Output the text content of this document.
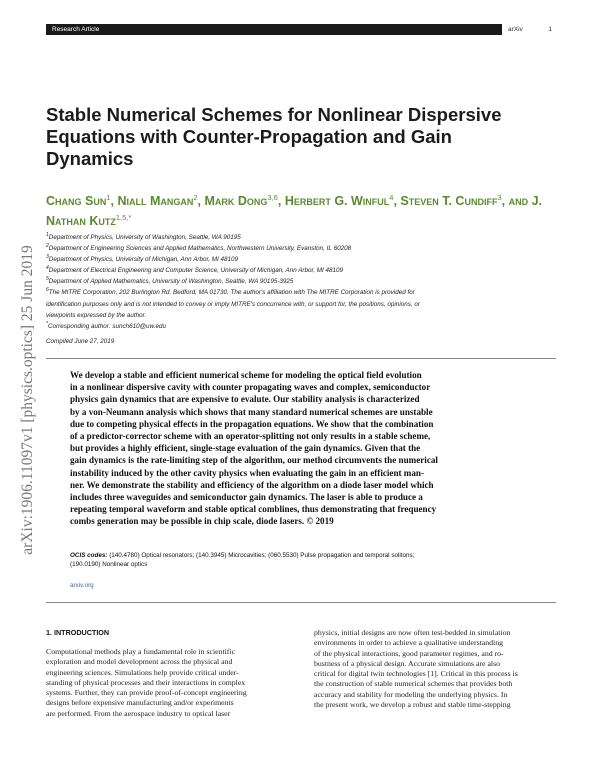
Research Article	arXiv	1
arXiv:1906.11097v1 [physics.optics] 25 Jun 2019
Stable Numerical Schemes for Nonlinear Dispersive
Equations with Counter-Propagation and Gain
Dynamics
Chang Sun$^1$, Niall Mangan$^2$, Mark Dong$^{3,6}$, Herbert G. Winful$^4$, Steven T. Cundiff$^3$, and J. Nathan Kutz$^{1,5,*}$
$^1$Department of Physics, University of Washington, Seattle, WA 90195
$^2$Department of Engineering Sciences and Applied Mathematics, Northwestern University, Evanston, IL 60208
$^3$Department of Physics, University of Michigan, Ann Arbor, MI 48109
$^4$Department of Electrical Engineering and Computer Science, University of Michigan, Ann Arbor, MI 48109
$^5$Department of Applied Mathematics, University of Washington, Seattle, WA 90195-3925
$^6$The MITRE Corporation, 202 Burlington Rd. Bedford, MA 01730. The author's affiliation with The MITRE Corporation is provided for
identification purposes only and is not intended to convey or imply MITRE's concurrence with, or support for, the positions, opinions, or
viewpoints expressed by the author.
*Corresponding author: sunch610@uw.edu
Compiled June 27, 2019
We develop a stable and efficient numerical scheme for modeling the optical field evolution
in a nonlinear dispersive cavity with counter propagating waves and complex, semiconductor
physics gain dynamics that are expensive to evalute. Our stability analysis is characterized
by a von-Neumann analysis which shows that many standard numerical schemes are unstable
due to competing physical effects in the propagation equations. We show that the combination
of a predictor-corrector scheme with an operator-splitting not only results in a stable scheme,
but provides a highly efficient, single-stage evaluation of the gain dynamics. Given that the
gain dynamics is the rate-limiting step of the algorithm, our method circumvents the numerical
instability induced by the other cavity physics when evaluating the gain in an efficient man-
ner. We demonstrate the stability and efficiency of the algorithm on a diode laser model which
includes three waveguides and semiconductor gain dynamics. The laser is able to produce a
repeating temporal waveform and stable optical comblines, thus demonstrating that frequency
combs generation may be possible in chip scale, diode lasers. © 2019
OCIS codes: (140.4780) Optical resonators; (140.3945) Microcavities; (060.5530) Pulse propagation and temporal solitons;
(190.0190) Nonlinear optics
arxiv.org
1. INTRODUCTION
Computational methods play a fundamental role in scientific
exploration and model development across the physical and
engineering sciences. Simulations help provide critical under-
standing of physical processes and their interactions in complex
systems. Further, they can provide proof-of-concept engineering
designs before expensive manufacturing and/or experiments
are performed. From the aerospace industry to optical laser
physics, initial designs are now often test-bedded in simulation
environments in order to achieve a qualitative understanding
of the physical interactions, good parameter regimes, and ro-
bustness of a physical design. Accurate simulations are also
critical for digital twin technologies [1]. Critical in this process is
the construction of stable numerical schemes that provides both
accuracy and stability for modeling the underlying physics. In
the present work, we develop a robust and stable time-stepping
